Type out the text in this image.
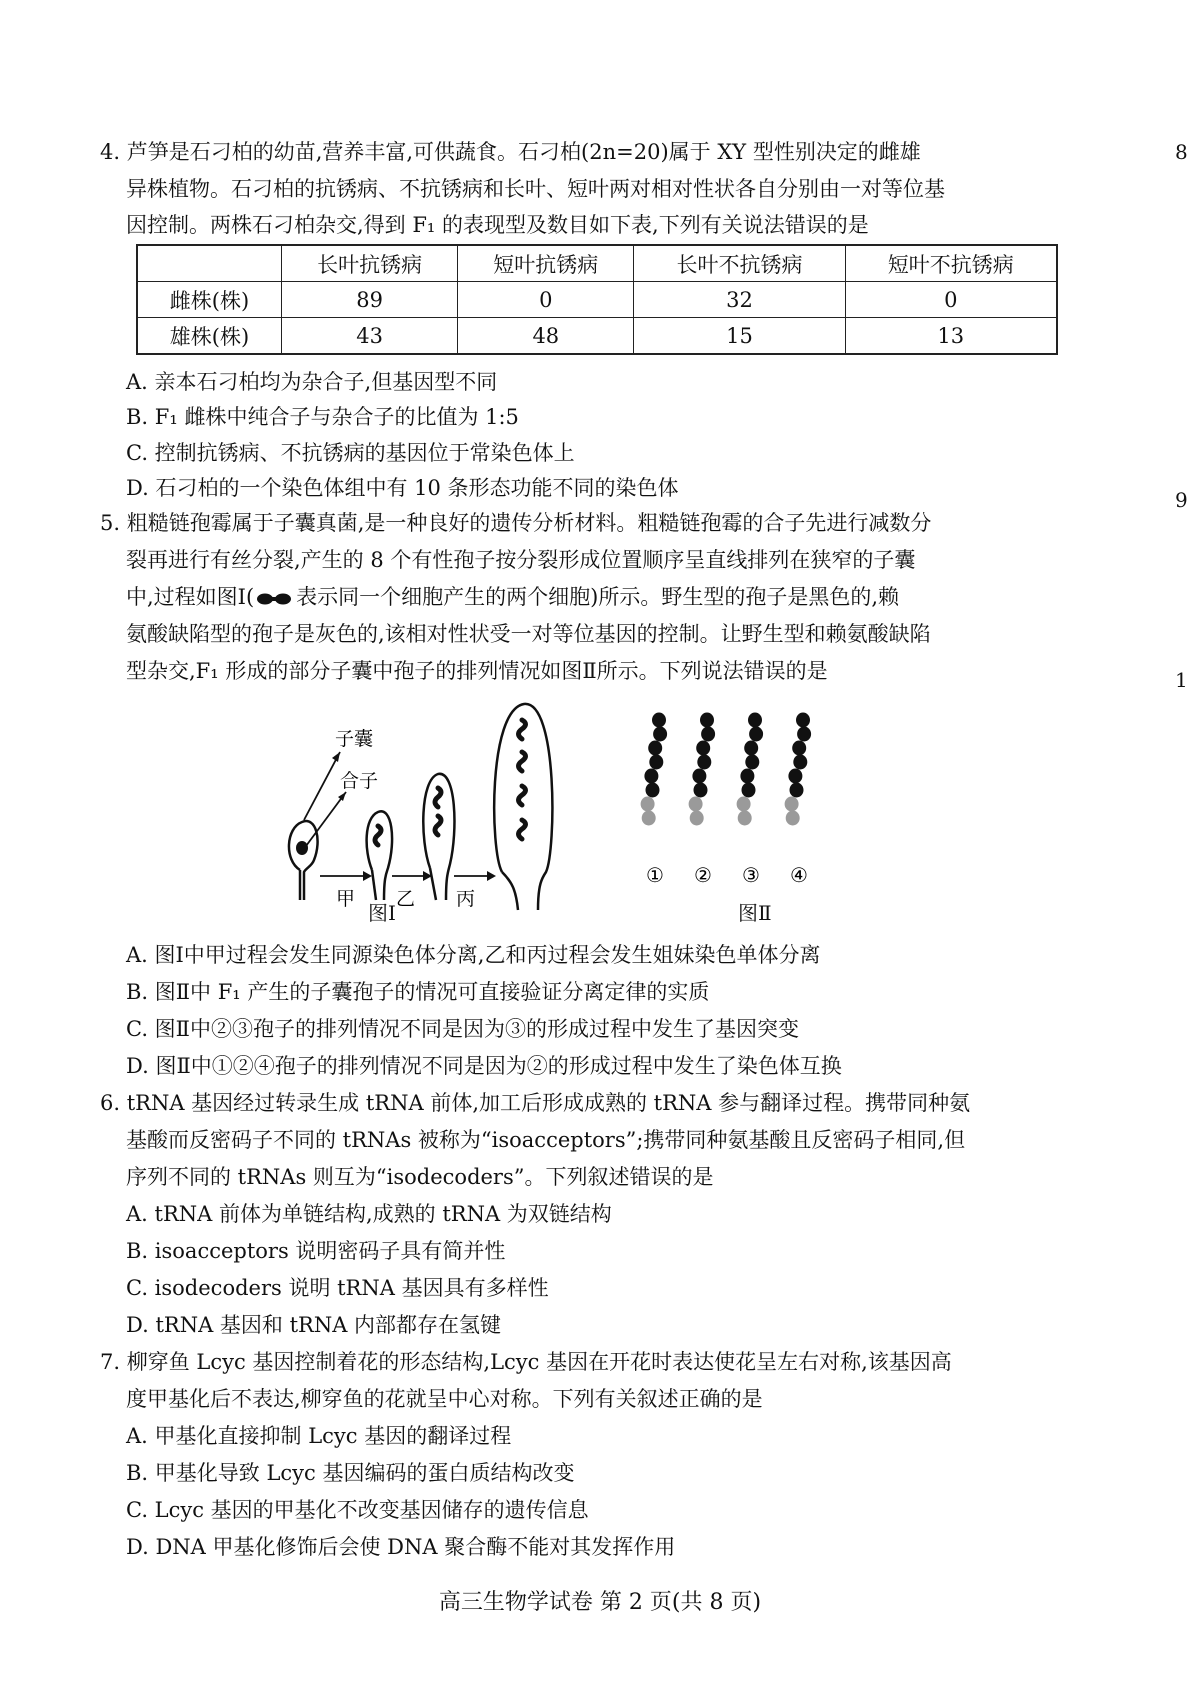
8
9
1
4. 芦笋是石刁柏的幼苗,营养丰富,可供蔬食。石刁柏(2n=20)属于 XY 型性别决定的雌雄
异株植物。石刁柏的抗锈病、不抗锈病和长叶、短叶两对相对性状各自分别由一对等位基
因控制。两株石刁柏杂交,得到 F₁ 的表现型及数目如下表,下列有关说法错误的是
	长叶抗锈病	短叶抗锈病	长叶不抗锈病	短叶不抗锈病
雌株(株)	89	0	32	0
雄株(株)	43	48	15	13
A. 亲本石刁柏均为杂合子,但基因型不同
B. F₁ 雌株中纯合子与杂合子的比值为 1:5
C. 控制抗锈病、不抗锈病的基因位于常染色体上
D. 石刁柏的一个染色体组中有 10 条形态功能不同的染色体
5. 粗糙链孢霉属于子囊真菌,是一种良好的遗传分析材料。粗糙链孢霉的合子先进行减数分
裂再进行有丝分裂,产生的 8 个有性孢子按分裂形成位置顺序呈直线排列在狭窄的子囊
中,过程如图Ⅰ( 表示同一个细胞产生的两个细胞)所示。野生型的孢子是黑色的,赖
氨酸缺陷型的孢子是灰色的,该相对性状受一对等位基因的控制。让野生型和赖氨酸缺陷
型杂交,F₁ 形成的部分子囊中孢子的排列情况如图Ⅱ所示。下列说法错误的是
子囊
合子
甲 乙 丙
图Ⅰ
① ② ③ ④
图Ⅱ
A. 图Ⅰ中甲过程会发生同源染色体分离,乙和丙过程会发生姐妹染色单体分离
B. 图Ⅱ中 F₁ 产生的子囊孢子的情况可直接验证分离定律的实质
C. 图Ⅱ中②③孢子的排列情况不同是因为③的形成过程中发生了基因突变
D. 图Ⅱ中①②④孢子的排列情况不同是因为②的形成过程中发生了染色体互换
6. tRNA 基因经过转录生成 tRNA 前体,加工后形成成熟的 tRNA 参与翻译过程。携带同种氨
基酸而反密码子不同的 tRNAs 被称为“isoacceptors”;携带同种氨基酸且反密码子相同,但
序列不同的 tRNAs 则互为“isodecoders”。下列叙述错误的是
A. tRNA 前体为单链结构,成熟的 tRNA 为双链结构
B. isoacceptors 说明密码子具有简并性
C. isodecoders 说明 tRNA 基因具有多样性
D. tRNA 基因和 tRNA 内部都存在氢键
7. 柳穿鱼 Lcyc 基因控制着花的形态结构,Lcyc 基因在开花时表达使花呈左右对称,该基因高
度甲基化后不表达,柳穿鱼的花就呈中心对称。下列有关叙述正确的是
A. 甲基化直接抑制 Lcyc 基因的翻译过程
B. 甲基化导致 Lcyc 基因编码的蛋白质结构改变
C. Lcyc 基因的甲基化不改变基因储存的遗传信息
D. DNA 甲基化修饰后会使 DNA 聚合酶不能对其发挥作用
高三生物学试卷 第 2 页(共 8 页)
